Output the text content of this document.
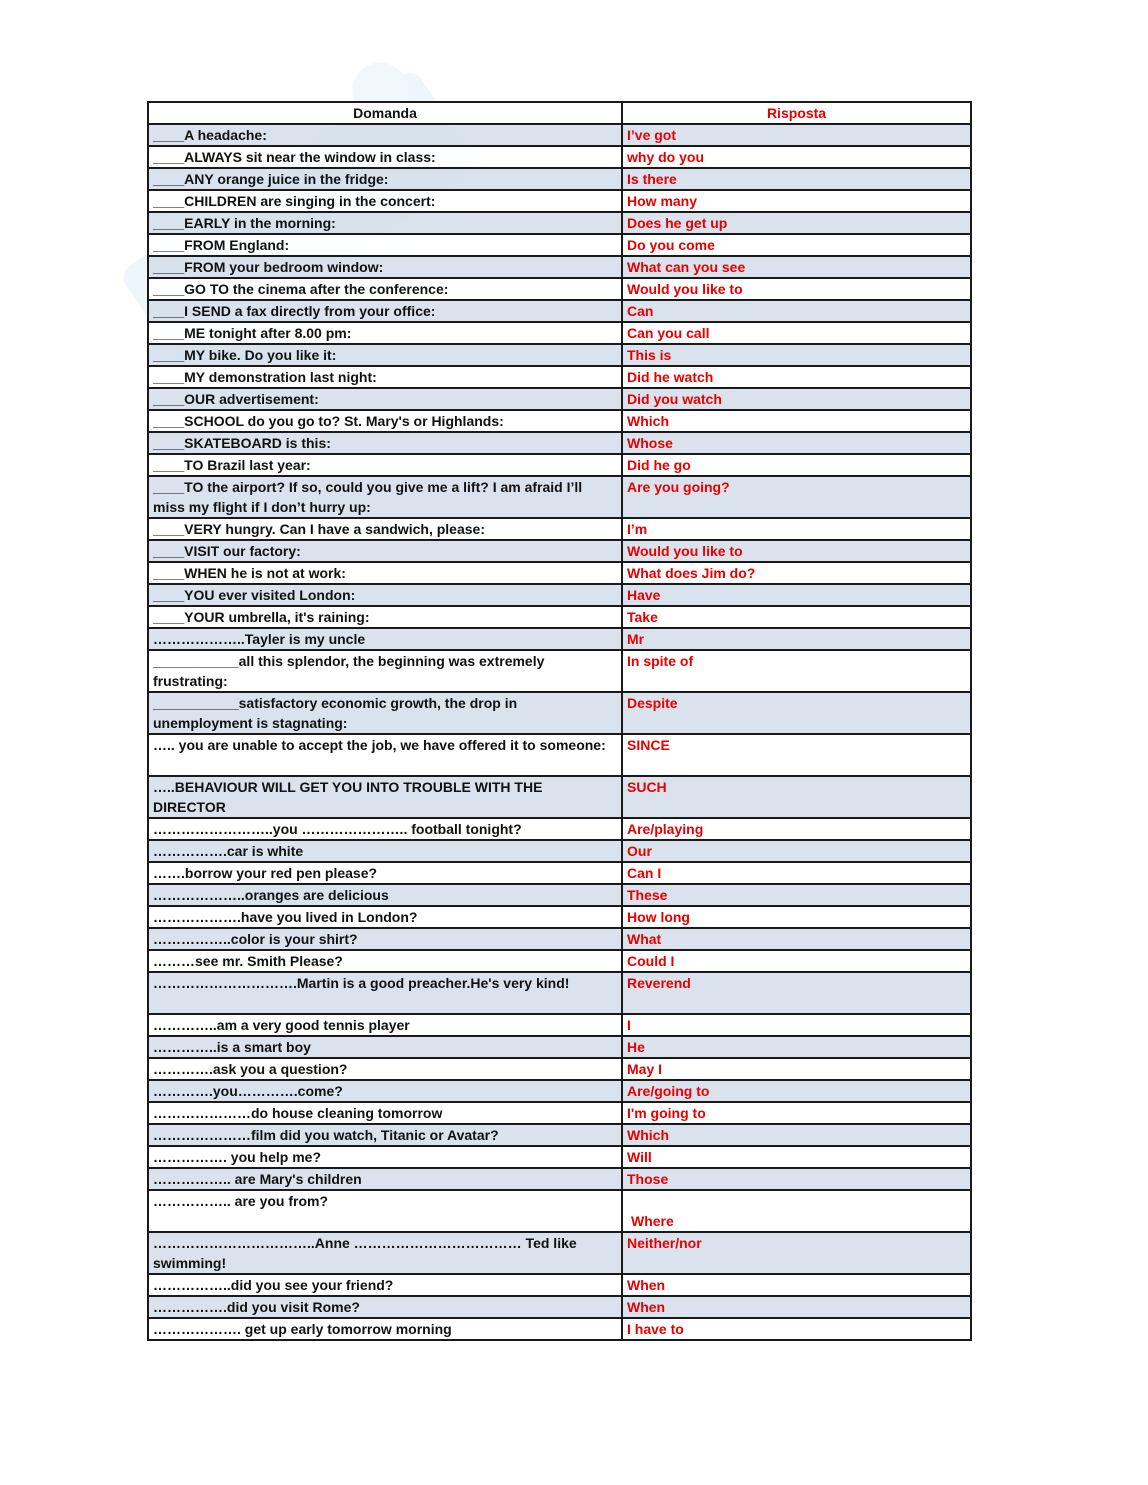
Domanda	Risposta
____A headache:	I’ve got
____ALWAYS sit near the window in class:	why do you
____ANY orange juice in the fridge:	Is there
____CHILDREN are singing in the concert:	How many
____EARLY in the morning:	Does he get up
____FROM England:	Do you come
____FROM your bedroom window:	What can you see
____GO TO the cinema after the conference:	Would you like to
____I SEND a fax directly from your office:	Can
____ME tonight after 8.00 pm:	Can you call
____MY bike. Do you like it:	This is
____MY demonstration last night:	Did he watch
____OUR advertisement:	Did you watch
____SCHOOL do you go to? St. Mary's or Highlands:	Which
____SKATEBOARD is this:	Whose
____TO Brazil last year:	Did he go
____TO the airport? If so, could you give me a lift? I am afraid I’ll miss my flight if I don’t hurry up:	Are you going?
____VERY hungry. Can I have a sandwich, please:	I’m
____VISIT our factory:	Would you like to
____WHEN he is not at work:	What does Jim do?
____YOU ever visited London:	Have
____YOUR umbrella, it's raining:	Take
………………..Tayler is my uncle	Mr
___________all this splendor, the beginning was extremely frustrating:	In spite of
___________satisfactory economic growth, the drop in unemployment is stagnating:	Despite
….. you are unable to accept the job, we have offered it to someone:	SINCE
…..BEHAVIOUR WILL GET YOU INTO TROUBLE WITH THE DIRECTOR	SUCH
……………………..you ………………….. football tonight?	Are/playing
…………….car is white	Our
…….borrow your red pen please?	Can I
………………..oranges are delicious	These
……………….have you lived in London?	How long
……………..color is your shirt?	What
………see mr. Smith Please?	Could I
………………………….Martin is a good preacher.He's very kind!	Reverend
…………..am a very good tennis player	I
…………..is a smart boy	He
………….ask you a question?	May I
………….you………….come?	Are/going to
…………………do house cleaning tomorrow	I'm going to
…………………film did you watch, Titanic or Avatar?	Which
……………. you help me?	Will
…………….. are Mary's children	Those
…………….. are you from?	Where
……………………………..Anne ……………………………… Ted like swimming!	Neither/nor
……………..did you see your friend?	When
…………….did you visit Rome?	When
………………. get up early tomorrow morning	I have to
